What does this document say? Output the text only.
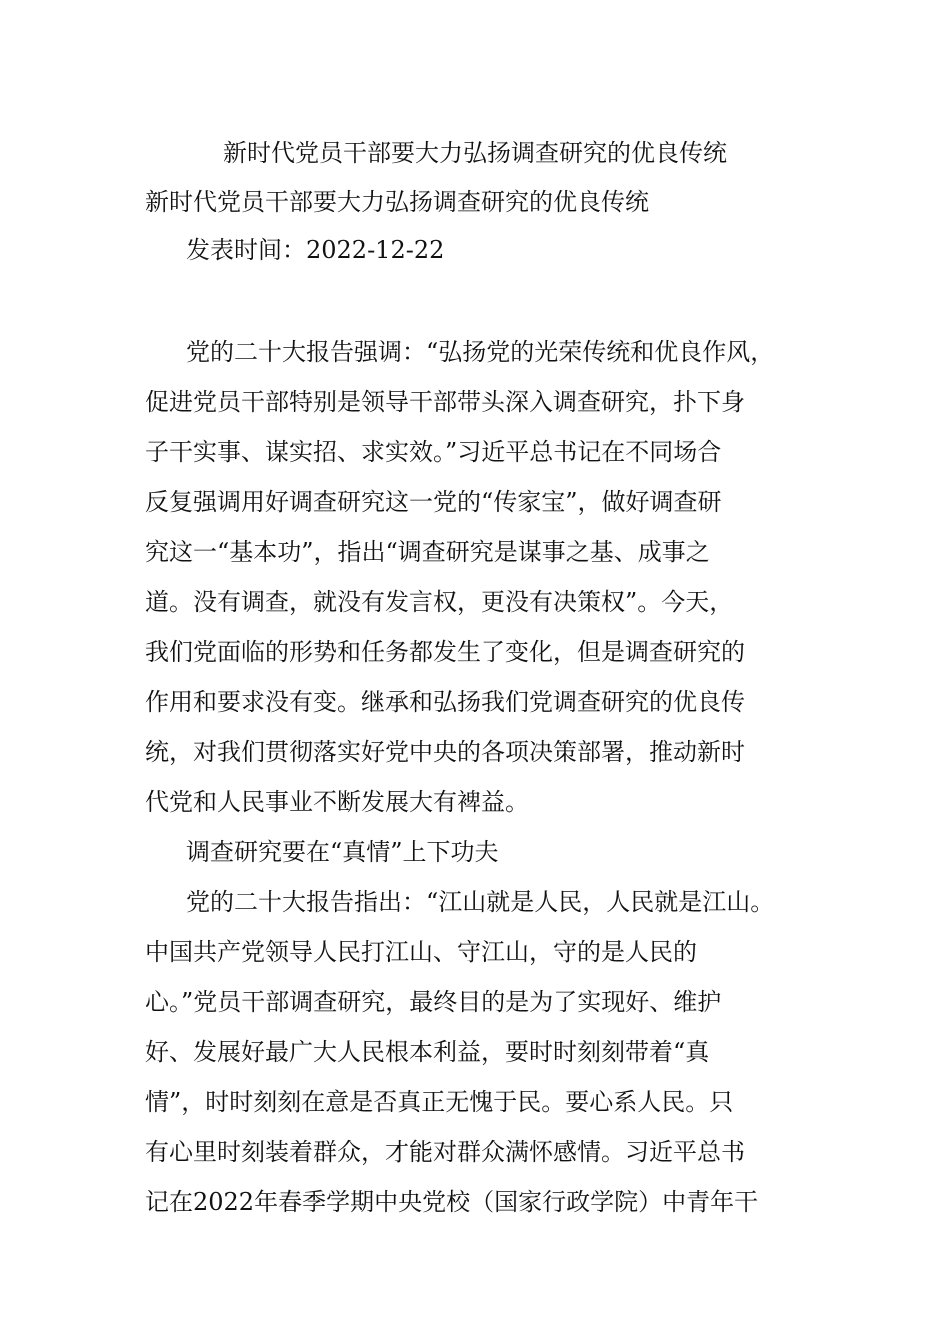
新时代党员干部要大力弘扬调查研究的优良传统
新时代党员干部要大力弘扬调查研究的优良传统
发表时间：2022-12-22
党的二十大报告强调：“弘扬党的光荣传统和优良作风，
促进党员干部特别是领导干部带头深入调查研究，扑下身
子干实事、谋实招、求实效。”习近平总书记在不同场合
反复强调用好调查研究这一党的“传家宝”，做好调查研
究这一“基本功”，指出“调查研究是谋事之基、成事之
道。没有调查，就没有发言权，更没有决策权”。今天，
我们党面临的形势和任务都发生了变化，但是调查研究的
作用和要求没有变。继承和弘扬我们党调查研究的优良传
统，对我们贯彻落实好党中央的各项决策部署，推动新时
代党和人民事业不断发展大有裨益。
调查研究要在“真情”上下功夫
党的二十大报告指出：“江山就是人民，人民就是江山。
中国共产党领导人民打江山、守江山，守的是人民的
心。”党员干部调查研究，最终目的是为了实现好、维护
好、发展好最广大人民根本利益，要时时刻刻带着“真
情”，时时刻刻在意是否真正无愧于民。要心系人民。只
有心里时刻装着群众，才能对群众满怀感情。习近平总书
记在2022年春季学期中央党校（国家行政学院）中青年干
